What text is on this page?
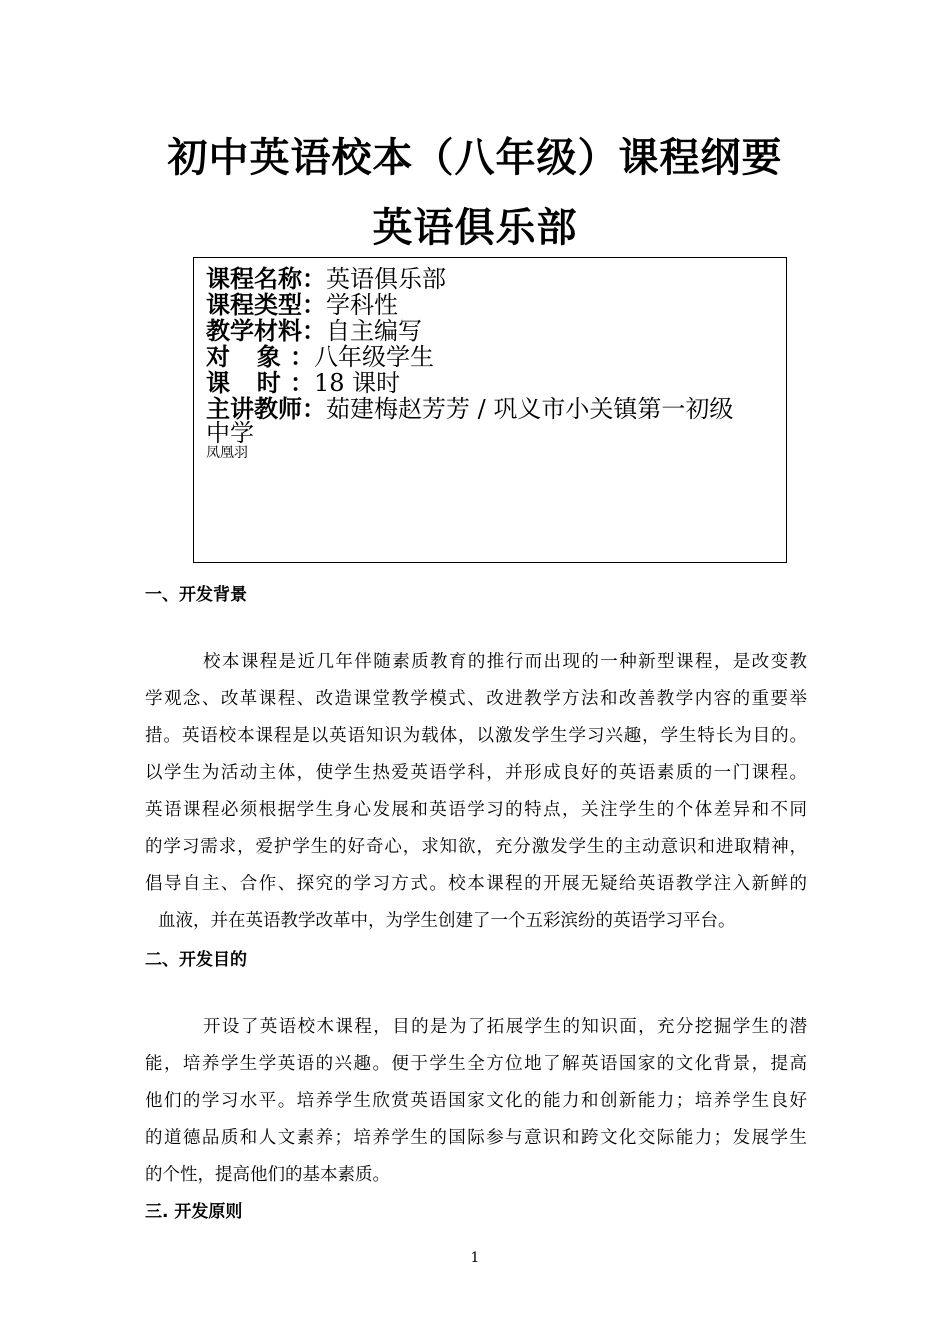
初中英语校本（八年级）课程纲要
英语俱乐部
课程名称：英语俱乐部
课程类型：学科性
教学材料：自主编写
对 象：八年级学生
课 时：18 课时
主讲教师：茹建梅赵芳芳 / 巩义市小关镇第一初级
中学
凤凰羽
一、开发背景
校本课程是近几年伴随素质教育的推行而出现的一种新型课程，是改变教
学观念、改革课程、改造课堂教学模式、改进教学方法和改善教学内容的重要举
措。英语校本课程是以英语知识为载体，以激发学生学习兴趣，学生特长为目的。
以学生为活动主体，使学生热爱英语学科，并形成良好的英语素质的一门课程。
英语课程必须根据学生身心发展和英语学习的特点，关注学生的个体差异和不同
的学习需求，爱护学生的好奇心，求知欲，充分激发学生的主动意识和进取精神，
倡导自主、合作、探究的学习方式。校本课程的开展无疑给英语教学注入新鲜的
血液，并在英语教学改革中，为学生创建了一个五彩滨纷的英语学习平台。
二、开发目的
开设了英语校木课程，目的是为了拓展学生的知识面，充分挖掘学生的潜
能，培养学生学英语的兴趣。便于学生全方位地了解英语国家的文化背景，提高
他们的学习水平。培养学生欣赏英语国家文化的能力和创新能力；培养学生良好
的道德品质和人文素养；培养学生的国际参与意识和跨文化交际能力；发展学生
的个性，提高他们的基本素质。
三. 开发原则
1
